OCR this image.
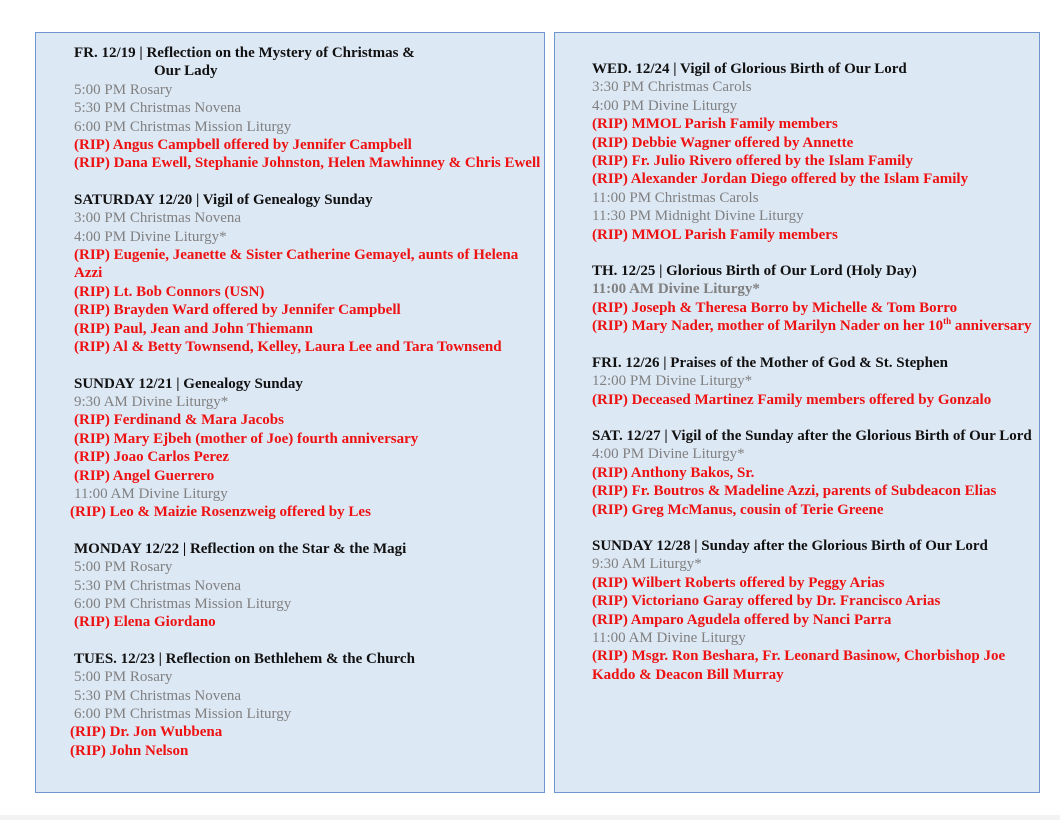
FR. 12/19 | Reflection on the Mystery of Christmas &
Our Lady
5:00 PM Rosary
5:30 PM Christmas Novena
6:00 PM Christmas Mission Liturgy
(RIP) Angus Campbell offered by Jennifer Campbell
(RIP) Dana Ewell, Stephanie Johnston, Helen Mawhinney & Chris Ewell
SATURDAY 12/20 | Vigil of Genealogy Sunday
3:00 PM Christmas Novena
4:00 PM Divine Liturgy*
(RIP) Eugenie, Jeanette & Sister Catherine Gemayel, aunts of Helena Azzi
(RIP) Lt. Bob Connors (USN)
(RIP) Brayden Ward offered by Jennifer Campbell
(RIP) Paul, Jean and John Thiemann
(RIP) Al & Betty Townsend, Kelley, Laura Lee and Tara Townsend
SUNDAY 12/21 | Genealogy Sunday
9:30 AM Divine Liturgy*
(RIP) Ferdinand & Mara Jacobs
(RIP) Mary Ejbeh (mother of Joe) fourth anniversary
(RIP) Joao Carlos Perez
(RIP) Angel Guerrero
11:00 AM Divine Liturgy
(RIP) Leo & Maizie Rosenzweig offered by Les
MONDAY 12/22 | Reflection on the Star & the Magi
5:00 PM Rosary
5:30 PM Christmas Novena
6:00 PM Christmas Mission Liturgy
(RIP) Elena Giordano
TUES. 12/23 | Reflection on Bethlehem & the Church
5:00 PM Rosary
5:30 PM Christmas Novena
6:00 PM Christmas Mission Liturgy
(RIP) Dr. Jon Wubbena
(RIP) John Nelson
WED. 12/24 | Vigil of Glorious Birth of Our Lord
3:30 PM Christmas Carols
4:00 PM Divine Liturgy
(RIP) MMOL Parish Family members
(RIP) Debbie Wagner offered by Annette
(RIP) Fr. Julio Rivero offered by the Islam Family
(RIP) Alexander Jordan Diego offered by the Islam Family
11:00 PM Christmas Carols
11:30 PM Midnight Divine Liturgy
(RIP) MMOL Parish Family members
TH. 12/25 | Glorious Birth of Our Lord (Holy Day)
11:00 AM Divine Liturgy*
(RIP) Joseph & Theresa Borro by Michelle & Tom Borro
(RIP) Mary Nader, mother of Marilyn Nader on her 10th anniversary
FRI. 12/26 | Praises of the Mother of God & St. Stephen
12:00 PM Divine Liturgy*
(RIP) Deceased Martinez Family members offered by Gonzalo
SAT. 12/27 | Vigil of the Sunday after the Glorious Birth of Our Lord
4:00 PM Divine Liturgy*
(RIP) Anthony Bakos, Sr.
(RIP) Fr. Boutros & Madeline Azzi, parents of Subdeacon Elias
(RIP) Greg McManus, cousin of Terie Greene
SUNDAY 12/28 | Sunday after the Glorious Birth of Our Lord
9:30 AM Liturgy*
(RIP) Wilbert Roberts offered by Peggy Arias
(RIP) Victoriano Garay offered by Dr. Francisco Arias
(RIP) Amparo Agudela offered by Nanci Parra
11:00 AM Divine Liturgy
(RIP) Msgr. Ron Beshara, Fr. Leonard Basinow, Chorbishop Joe Kaddo & Deacon Bill Murray
